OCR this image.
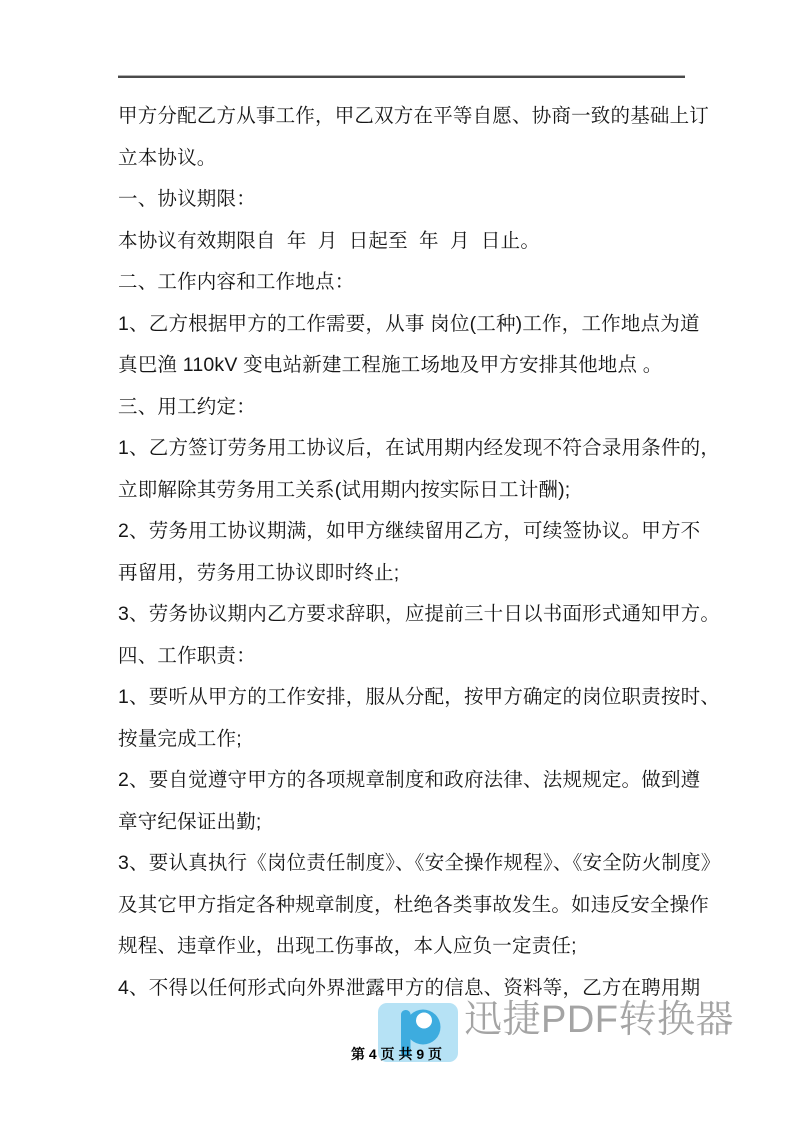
迅捷PDF转换器
甲方分配乙方从事工作，甲乙双方在平等自愿、协商一致的基础上订
立本协议。
一、协议期限：
本协议有效期限自  年  月  日起至  年  月  日止。
二、工作内容和工作地点：
1、乙方根据甲方的工作需要，从事 岗位(工种)工作，工作地点为道
真巴渔 110kV 变电站新建工程施工场地及甲方安排其他地点 。
三、用工约定：
1、乙方签订劳务用工协议后，在试用期内经发现不符合录用条件的，
立即解除其劳务用工关系(试用期内按实际日工计酬);
2、劳务用工协议期满，如甲方继续留用乙方，可续签协议。甲方不
再留用，劳务用工协议即时终止;
3、劳务协议期内乙方要求辞职，应提前三十日以书面形式通知甲方。
四、工作职责：
1、要听从甲方的工作安排，服从分配，按甲方确定的岗位职责按时、
按量完成工作;
2、要自觉遵守甲方的各项规章制度和政府法律、法规规定。做到遵
章守纪保证出勤;
3、要认真执行《岗位责任制度》、《安全操作规程》、《安全防火制度》
及其它甲方指定各种规章制度，杜绝各类事故发生。如违反安全操作
规程、违章作业，出现工伤事故，本人应负一定责任;
4、不得以任何形式向外界泄露甲方的信息、资料等，乙方在聘用期
第 4 页 共 9 页
